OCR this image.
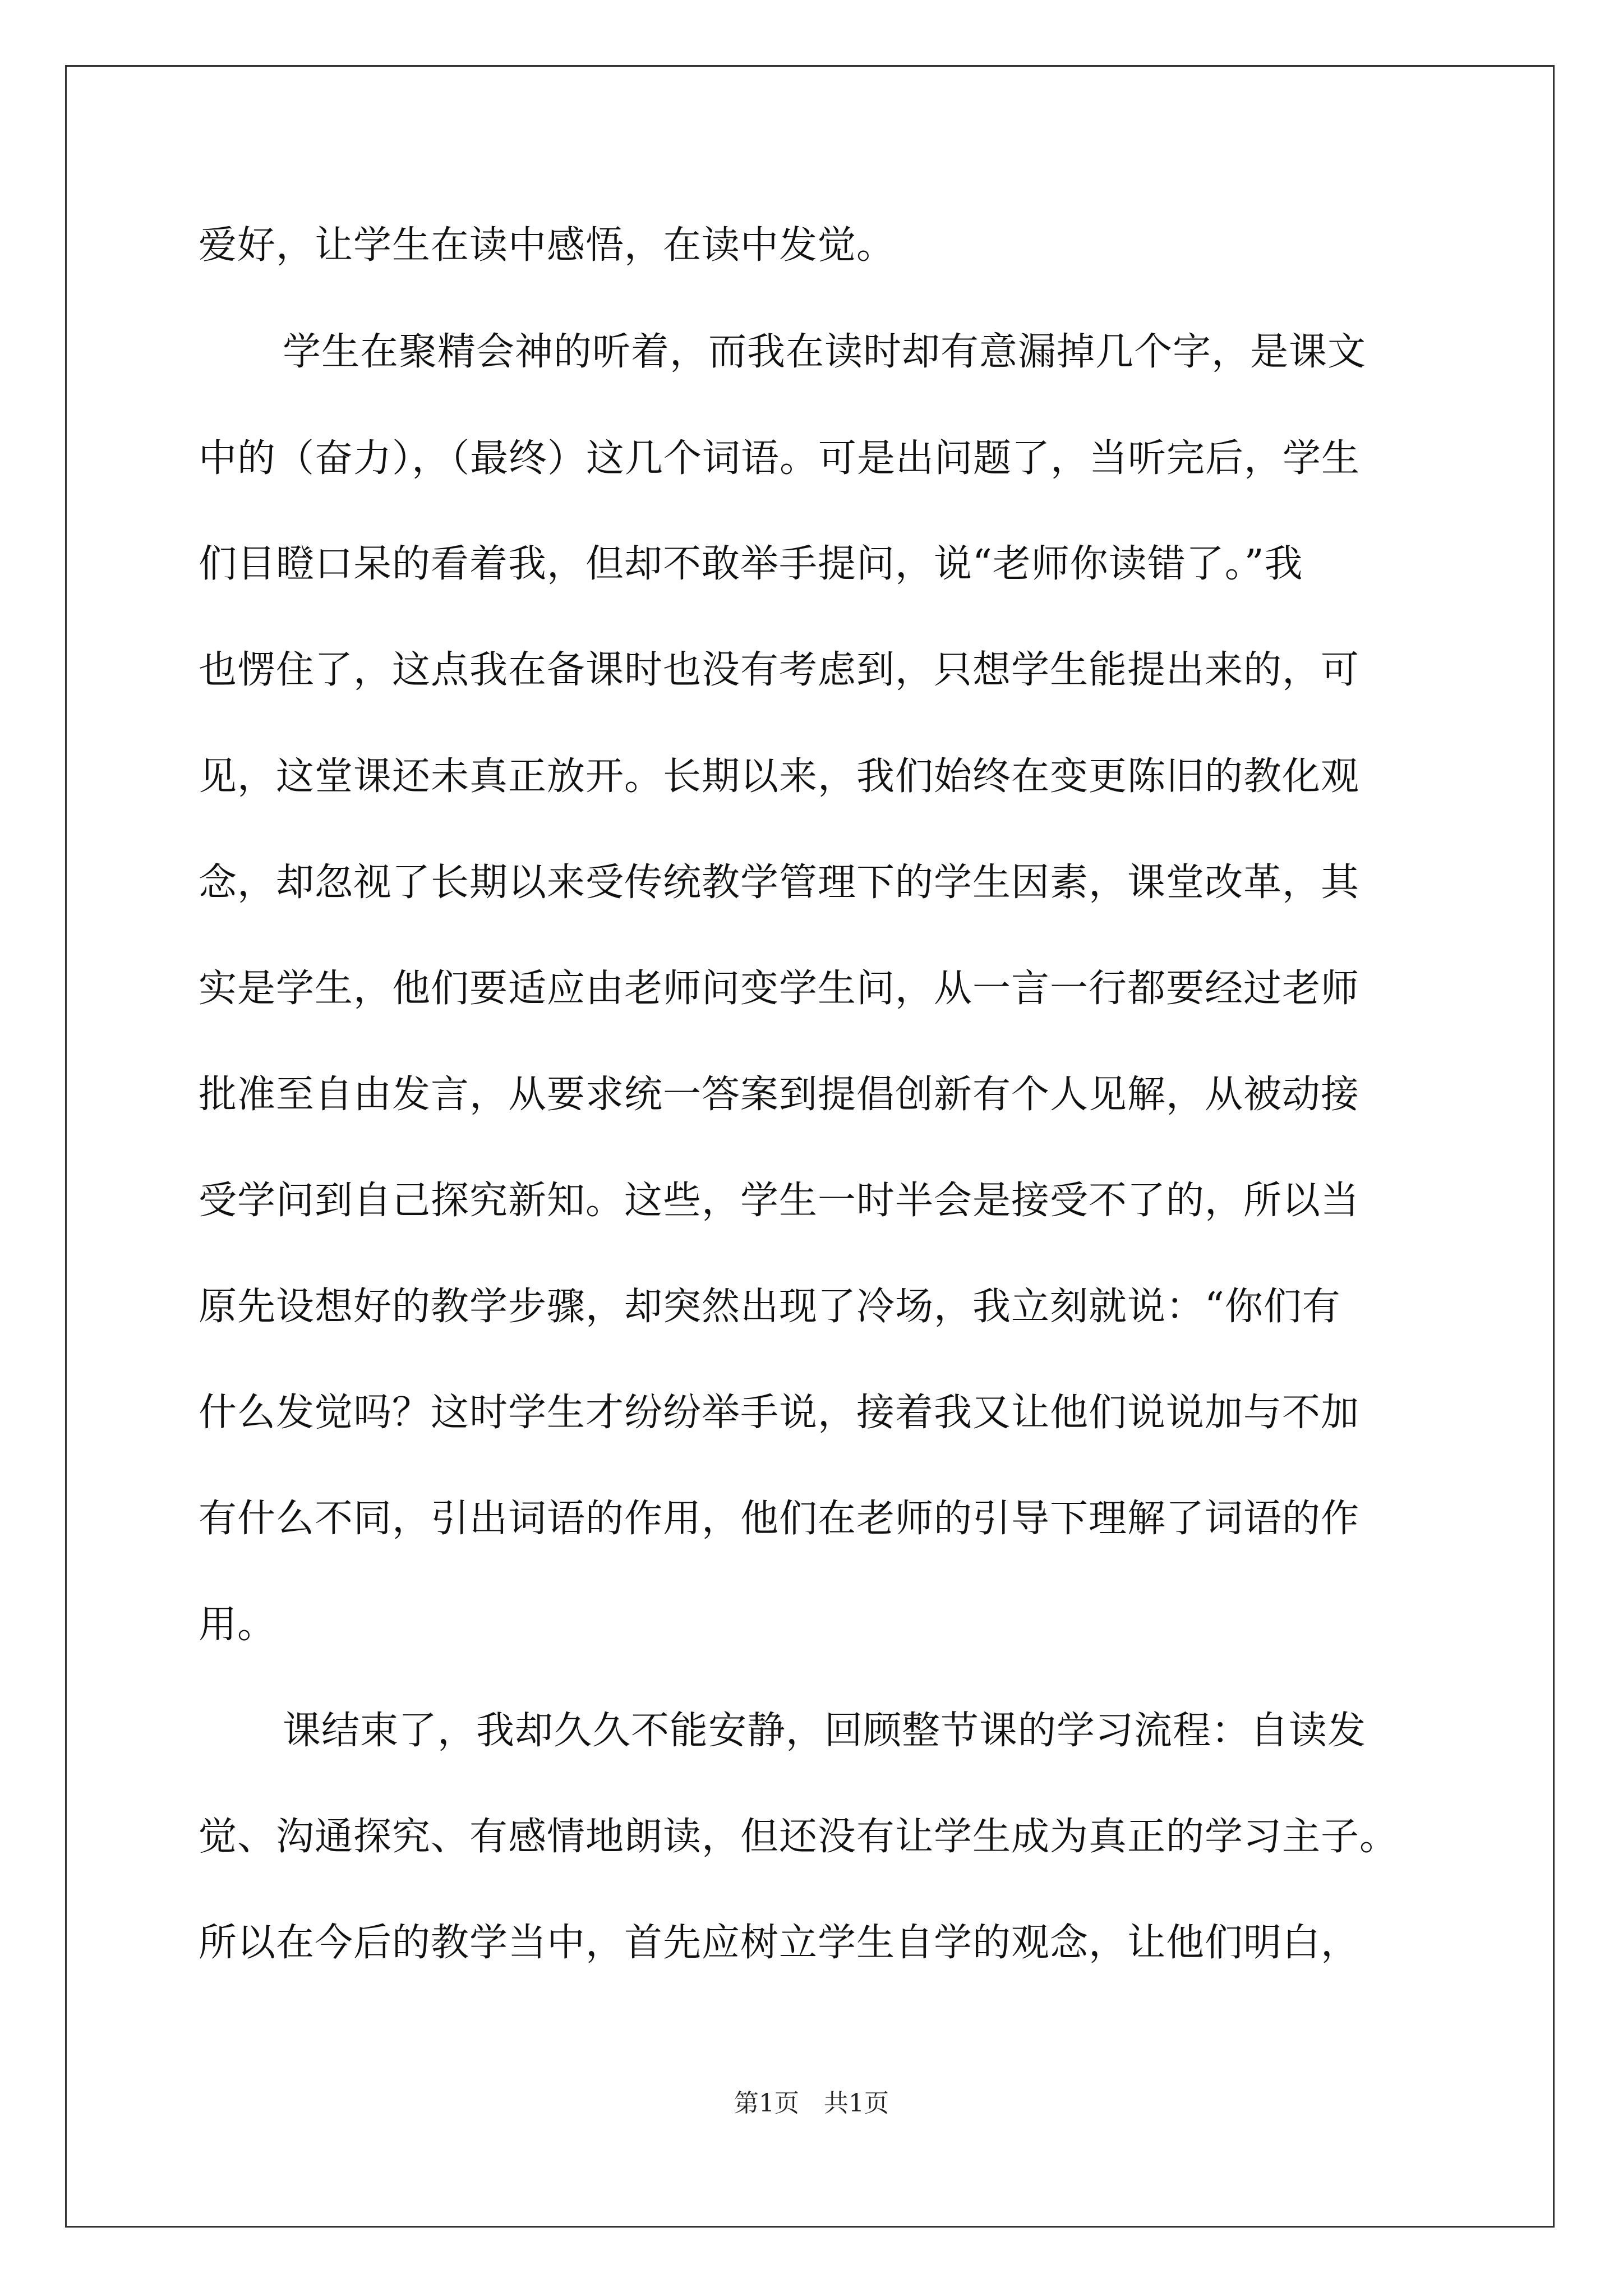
爱好，让学生在读中感悟，在读中发觉。
学生在聚精会神的听着，而我在读时却有意漏掉几个字，是课文
中的（奋力），（最终）这几个词语。可是出问题了，当听完后，学生
们目瞪口呆的看着我，但却不敢举手提问，说“老师你读错了。”我
也愣住了，这点我在备课时也没有考虑到，只想学生能提出来的，可
见，这堂课还未真正放开。长期以来，我们始终在变更陈旧的教化观
念，却忽视了长期以来受传统教学管理下的学生因素，课堂改革，其
实是学生，他们要适应由老师问变学生问，从一言一行都要经过老师
批准至自由发言，从要求统一答案到提倡创新有个人见解，从被动接
受学问到自己探究新知。这些，学生一时半会是接受不了的，所以当
原先设想好的教学步骤，却突然出现了冷场，我立刻就说：“你们有
什么发觉吗？这时学生才纷纷举手说，接着我又让他们说说加与不加
有什么不同，引出词语的作用，他们在老师的引导下理解了词语的作
用。
课结束了，我却久久不能安静，回顾整节课的学习流程：自读发
觉、沟通探究、有感情地朗读，但还没有让学生成为真正的学习主子。
所以在今后的教学当中，首先应树立学生自学的观念，让他们明白，
第1页　共1页
